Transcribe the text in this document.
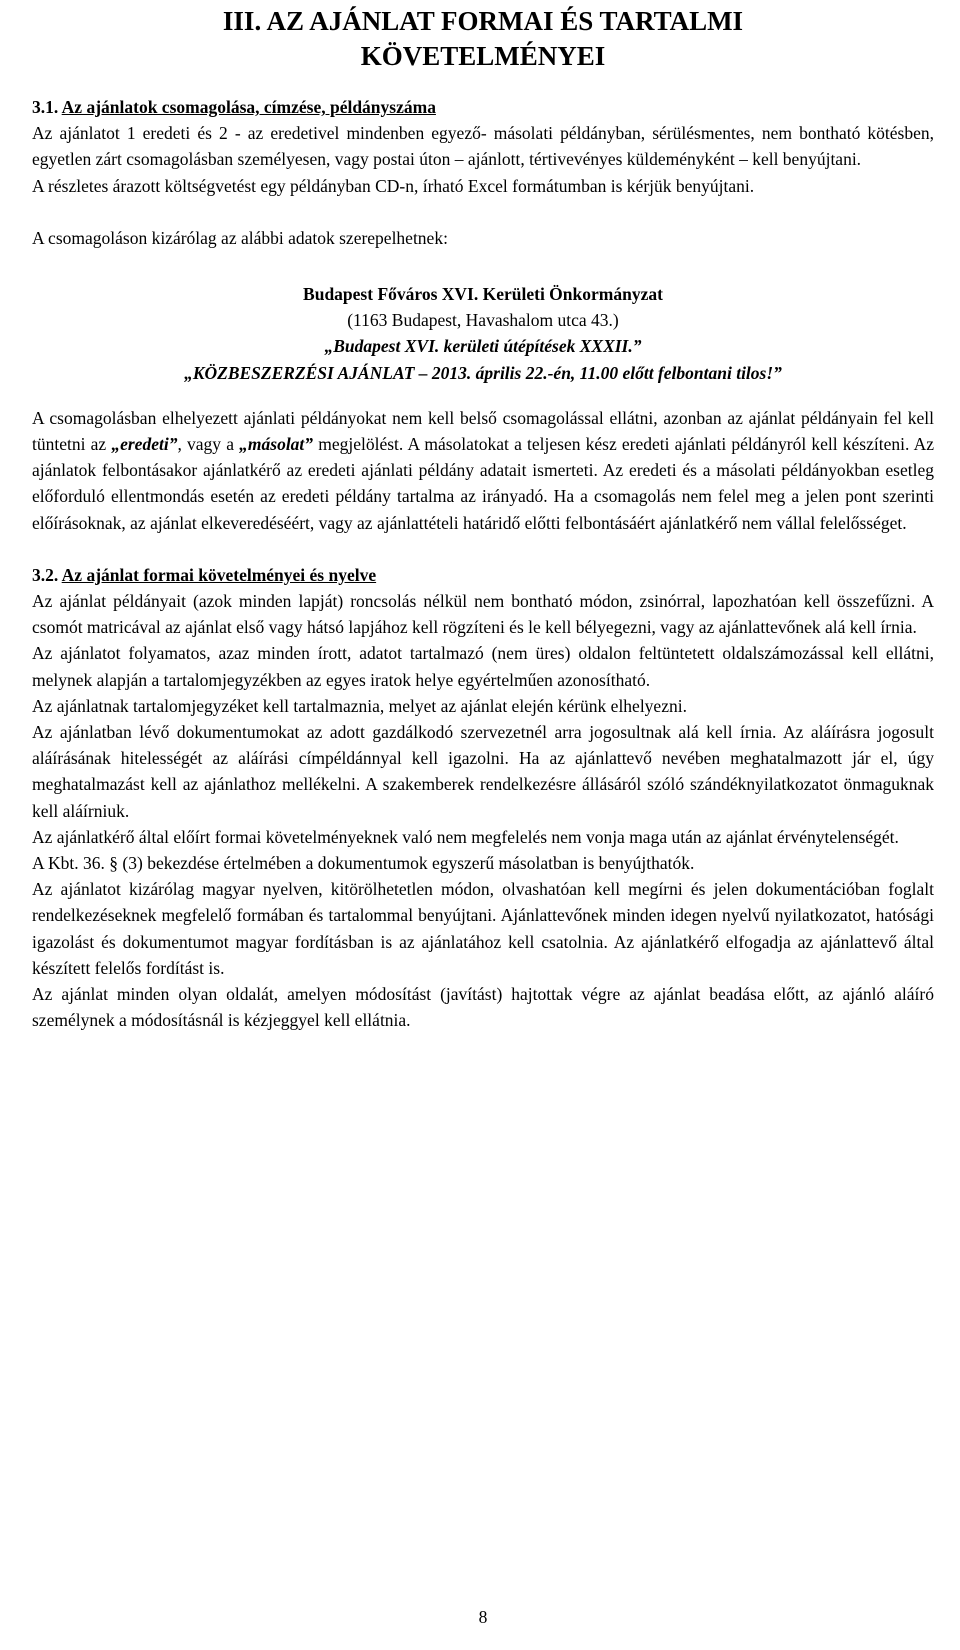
III. AZ AJÁNLAT FORMAI ÉS TARTALMI
KÖVETELMÉNYEI
3.1. Az ajánlatok csomagolása, címzése, példányszáma

Az ajánlatot 1 eredeti és 2 - az eredetivel mindenben egyező- másolati példányban, sérülésmentes, nem bontható kötésben, egyetlen zárt csomagolásban személyesen, vagy postai úton – ajánlott, tértivevényes küldeményként – kell benyújtani.

A részletes árazott költségvetést egy példányban CD-n, írható Excel formátumban is kérjük benyújtani.

A csomagoláson kizárólag az alábbi adatok szerepelhetnek:

Budapest Főváros XVI. Kerületi Önkormányzat
(1163 Budapest, Havashalom utca 43.)
„Budapest XVI. kerületi útépítések XXXII.”
„KÖZBESZERZÉSI AJÁNLAT – 2013. április 22.-én, 11.00 előtt felbontani tilos!”

A csomagolásban elhelyezett ajánlati példányokat nem kell belső csomagolással ellátni, azonban az ajánlat példányain fel kell tüntetni az „eredeti”, vagy a „másolat” megjelölést. A másolatokat a teljesen kész eredeti ajánlati példányról kell készíteni. Az ajánlatok felbontásakor ajánlatkérő az eredeti ajánlati példány adatait ismerteti. Az eredeti és a másolati példányokban esetleg előforduló ellentmondás esetén az eredeti példány tartalma az irányadó. Ha a csomagolás nem felel meg a jelen pont szerinti előírásoknak, az ajánlat elkeveredéséért, vagy az ajánlattételi határidő előtti felbontásáért ajánlatkérő nem vállal felelősséget.

3.2. Az ajánlat formai követelményei és nyelve

Az ajánlat példányait (azok minden lapját) roncsolás nélkül nem bontható módon, zsinórral, lapozhatóan kell összefűzni. A csomót matricával az ajánlat első vagy hátsó lapjához kell rögzíteni és le kell bélyegezni, vagy az ajánlattevőnek alá kell írnia.

Az ajánlatot folyamatos, azaz minden írott, adatot tartalmazó (nem üres) oldalon feltüntetett oldalszámozással kell ellátni, melynek alapján a tartalomjegyzékben az egyes iratok helye egyértelműen azonosítható.

Az ajánlatnak tartalomjegyzéket kell tartalmaznia, melyet az ajánlat elején kérünk elhelyezni.

Az ajánlatban lévő dokumentumokat az adott gazdálkodó szervezetnél arra jogosultnak alá kell írnia. Az aláírásra jogosult aláírásának hitelességét az aláírási címpéldánnyal kell igazolni. Ha az ajánlattevő nevében meghatalmazott jár el, úgy meghatalmazást kell az ajánlathoz mellékelni. A szakemberek rendelkezésre állásáról szóló szándéknyilatkozatot önmaguknak kell aláírniuk.

Az ajánlatkérő által előírt formai követelményeknek való nem megfelelés nem vonja maga után az ajánlat érvénytelenségét.

A Kbt. 36. § (3) bekezdése értelmében a dokumentumok egyszerű másolatban is benyújthatók.

Az ajánlatot kizárólag magyar nyelven, kitörölhetetlen módon, olvashatóan kell megírni és jelen dokumentációban foglalt rendelkezéseknek megfelelő formában és tartalommal benyújtani. Ajánlattevőnek minden idegen nyelvű nyilatkozatot, hatósági igazolást és dokumentumot magyar fordításban is az ajánlatához kell csatolnia. Az ajánlatkérő elfogadja az ajánlattevő által készített felelős fordítást is.

Az ajánlat minden olyan oldalát, amelyen módosítást (javítást) hajtottak végre az ajánlat beadása előtt, az ajánló aláíró személynek a módosításnál is kézjeggyel kell ellátnia.

8
